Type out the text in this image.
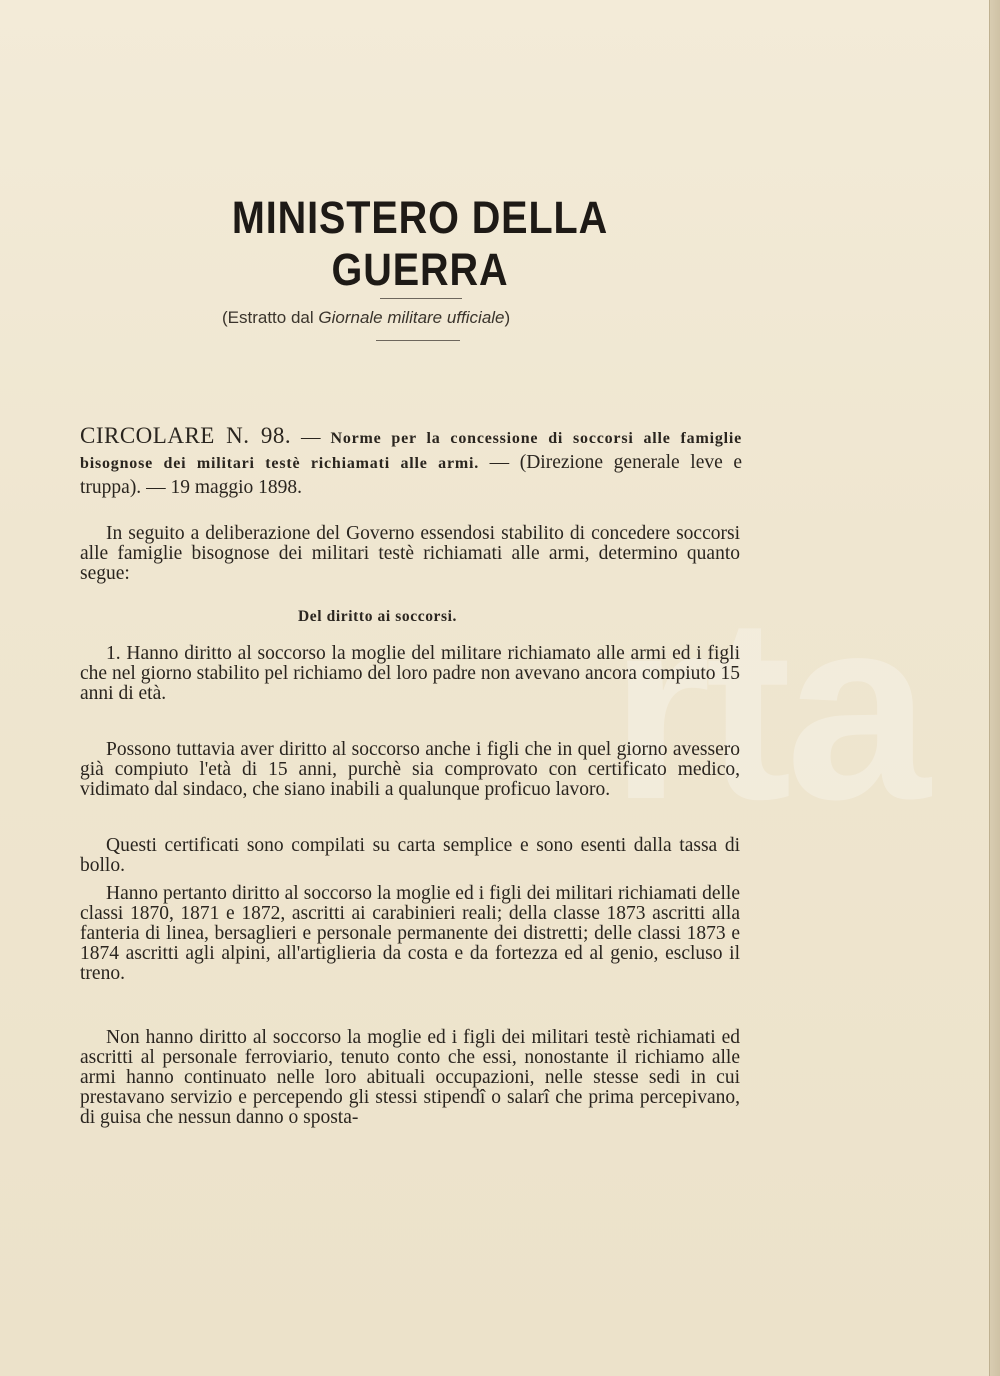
rta
MINISTERO DELLA GUERRA
(Estratto dal Giornale militare ufficiale)

CIRCOLARE N. 98. — Norme per la concessione di soccorsi alle famiglie bisognose dei militari testè richiamati alle armi. — (Direzione generale leve e truppa). — 19 maggio 1898.

In seguito a deliberazione del Governo essendosi stabilito di concedere soccorsi alle famiglie bisognose dei militari testè richiamati alle armi, determino quanto segue:

Del diritto ai soccorsi.

1. Hanno diritto al soccorso la moglie del militare richiamato alle armi ed i figli che nel giorno stabilito pel richiamo del loro padre non avevano ancora compiuto 15 anni di età.

Possono tuttavia aver diritto al soccorso anche i figli che in quel giorno avessero già compiuto l'età di 15 anni, purchè sia comprovato con certificato medico, vidimato dal sindaco, che siano inabili a qualunque proficuo lavoro.

Questi certificati sono compilati su carta semplice e sono esenti dalla tassa di bollo.

Hanno pertanto diritto al soccorso la moglie ed i figli dei militari richiamati delle classi 1870, 1871 e 1872, ascritti ai carabinieri reali; della classe 1873 ascritti alla fanteria di linea, bersaglieri e personale permanente dei distretti; delle classi 1873 e 1874 ascritti agli alpini, all'artiglieria da costa e da fortezza ed al genio, escluso il treno.

Non hanno diritto al soccorso la moglie ed i figli dei militari testè richiamati ed ascritti al personale ferroviario, tenuto conto che essi, nonostante il richiamo alle armi hanno continuato nelle loro abituali occupazioni, nelle stesse sedi in cui prestavano servizio e percependo gli stessi stipendî o salarî che prima percepivano, di guisa che nessun danno o sposta-
